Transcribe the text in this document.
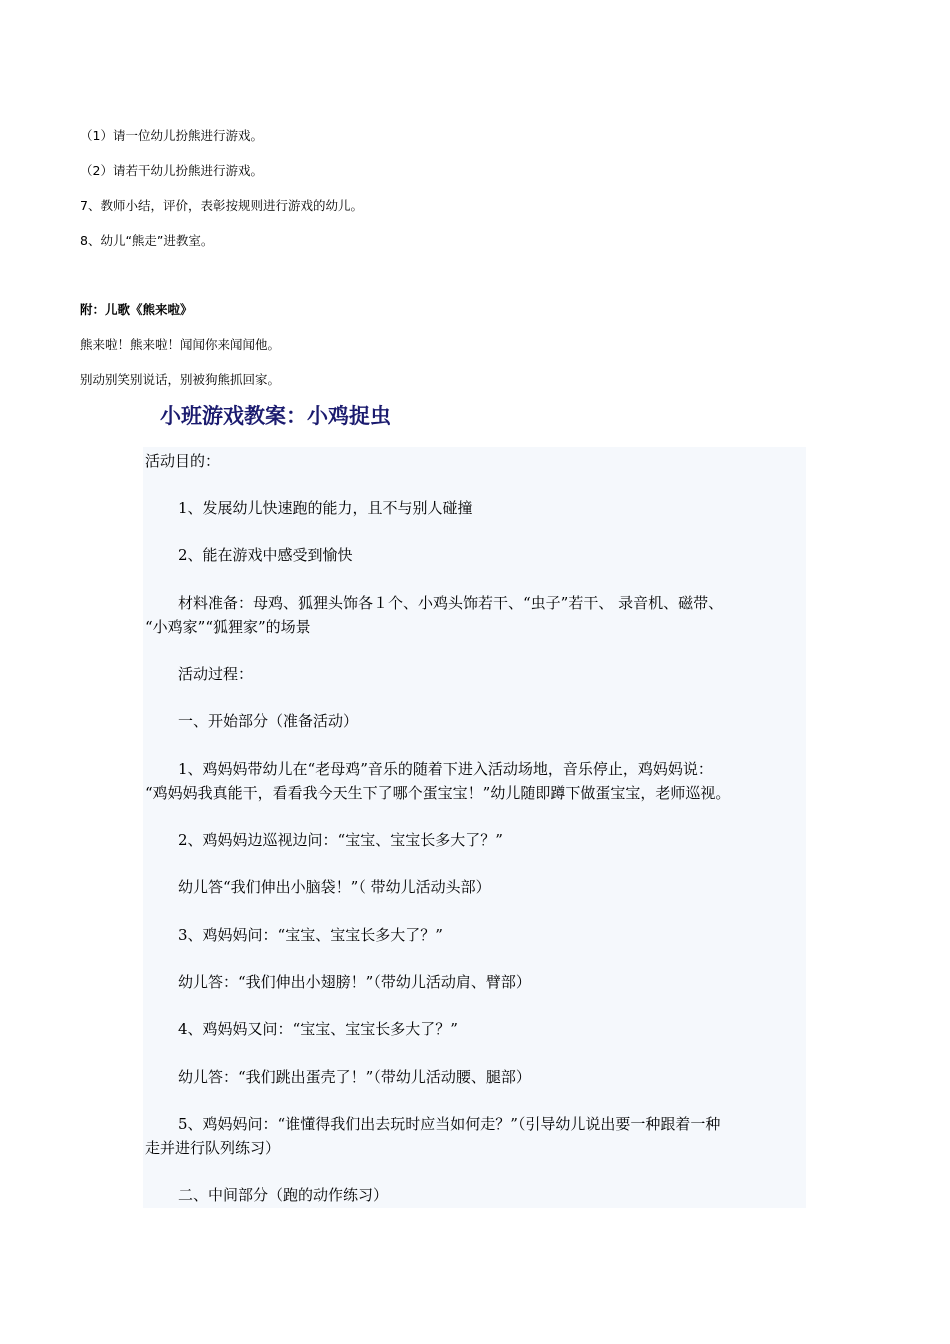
（1）请一位幼儿扮熊进行游戏。
（2）请若干幼儿扮熊进行游戏。
7、教师小结，评价，表彰按规则进行游戏的幼儿。
8、幼儿“熊走”进教室。
附：儿歌《熊来啦》
熊来啦！熊来啦！闻闻你来闻闻他。
别动别笑别说话，别被狗熊抓回家。
小班游戏教案：小鸡捉虫
活动目的：
1、发展幼儿快速跑的能力，且不与别人碰撞
2、能在游戏中感受到愉快
材料准备：母鸡、狐狸头饰各１个、小鸡头饰若干、“虫子”若干、 录音机、磁带、
“小鸡家”“狐狸家”的场景
活动过程：
一、开始部分（准备活动）
1、鸡妈妈带幼儿在“老母鸡”音乐的随着下进入活动场地，音乐停止，鸡妈妈说：
“鸡妈妈我真能干，看看我今天生下了哪个蛋宝宝！”幼儿随即蹲下做蛋宝宝，老师巡视。
2、鸡妈妈边巡视边问：“宝宝、宝宝长多大了？”
幼儿答“我们伸出小脑袋！”（ 带幼儿活动头部）
3、鸡妈妈问：“宝宝、宝宝长多大了？”
幼儿答：“我们伸出小翅膀！”（带幼儿活动肩、臂部）
4、鸡妈妈又问：“宝宝、宝宝长多大了？”
幼儿答：“我们跳出蛋壳了！”（带幼儿活动腰、腿部）
5、鸡妈妈问：“谁懂得我们出去玩时应当如何走？”（引导幼儿说出要一种跟着一种
走并进行队列练习）
二、中间部分（跑的动作练习）
